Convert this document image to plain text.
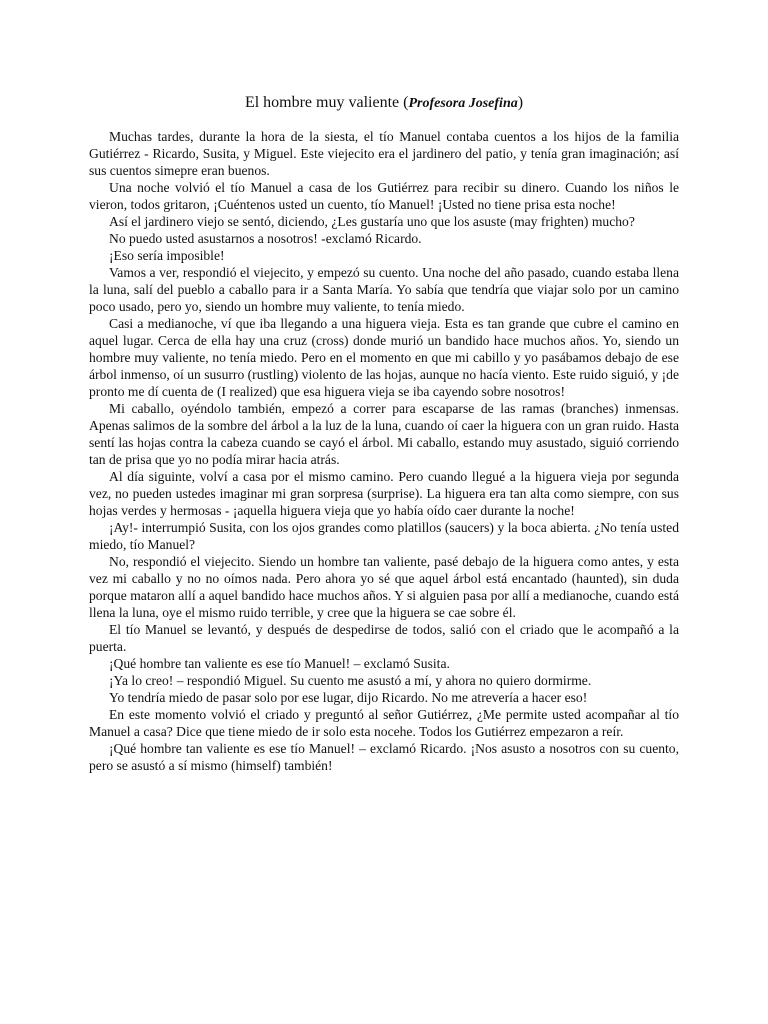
El hombre muy valiente (Profesora Josefina)

Muchas tardes, durante la hora de la siesta, el tío Manuel contaba cuentos a los hijos de la familia Gutiérrez - Ricardo, Susita, y Miguel. Este viejecito era el jardinero del patio, y tenía gran imaginación; así sus cuentos simepre eran buenos.

Una noche volvió el tío Manuel a casa de los Gutiérrez para recibir su dinero. Cuando los niños le vieron, todos gritaron, ¡Cuéntenos usted un cuento, tío Manuel! ¡Usted no tiene prisa esta noche!

Así el jardinero viejo se sentó, diciendo, ¿Les gustaría uno que los asuste (may frighten) mucho?

No puedo usted asustarnos a nosotros! -exclamó Ricardo.

¡Eso sería imposible!

Vamos a ver, respondió el viejecito, y empezó su cuento. Una noche del año pasado, cuando estaba llena la luna, salí del pueblo a caballo para ir a Santa María. Yo sabía que tendría que viajar solo por un camino poco usado, pero yo, siendo un hombre muy valiente, to tenía miedo.

Casi a medianoche, ví que iba llegando a una higuera vieja. Esta es tan grande que cubre el camino en aquel lugar. Cerca de ella hay una cruz (cross) donde murió un bandido hace muchos años. Yo, siendo un hombre muy valiente, no tenía miedo. Pero en el momento en que mi cabillo y yo pasábamos debajo de ese árbol inmenso, oí un susurro (rustling) violento de las hojas, aunque no hacía viento. Este ruido siguió, y ¡de pronto me dí cuenta de (I realized) que esa higuera vieja se iba cayendo sobre nosotros!

Mi caballo, oyéndolo también, empezó a correr para escaparse de las ramas (branches) inmensas. Apenas salimos de la sombre del árbol a la luz de la luna, cuando oí caer la higuera con un gran ruido. Hasta sentí las hojas contra la cabeza cuando se cayó el árbol. Mi caballo, estando muy asustado, siguió corriendo tan de prisa que yo no podía mirar hacia atrás.

Al día siguinte, volví a casa por el mismo camino. Pero cuando llegué a la higuera vieja por segunda vez, no pueden ustedes imaginar mi gran sorpresa (surprise). La higuera era tan alta como siempre, con sus hojas verdes y hermosas - ¡aquella higuera vieja que yo había oído caer durante la noche!

¡Ay!- interrumpió Susita, con los ojos grandes como platillos (saucers) y la boca abierta. ¿No tenía usted miedo, tío Manuel?

No, respondió el viejecito. Siendo un hombre tan valiente, pasé debajo de la higuera como antes, y esta vez mi caballo y no no oímos nada. Pero ahora yo sé que aquel árbol está encantado (haunted), sin duda porque mataron allí a aquel bandido hace muchos años. Y si alguien pasa por allí a medianoche, cuando está llena la luna, oye el mismo ruido terrible, y cree que la higuera se cae sobre él.

El tío Manuel se levantó, y después de despedirse de todos, salió con el criado que le acompañó a la puerta.

¡Qué hombre tan valiente es ese tío Manuel! – exclamó Susita.

¡Ya lo creo! – respondió Miguel. Su cuento me asustó a mí, y ahora no quiero dormirme.

Yo tendría miedo de pasar solo por ese lugar, dijo Ricardo. No me atrevería a hacer eso!

En este momento volvió el criado y preguntó al señor Gutiérrez, ¿Me permite usted acompañar al tío Manuel a casa? Dice que tiene miedo de ir solo esta nocehe. Todos los Gutiérrez empezaron a reír.

¡Qué hombre tan valiente es ese tío Manuel! – exclamó Ricardo. ¡Nos asusto a nosotros con su cuento, pero se asustó a sí mismo (himself) también!
